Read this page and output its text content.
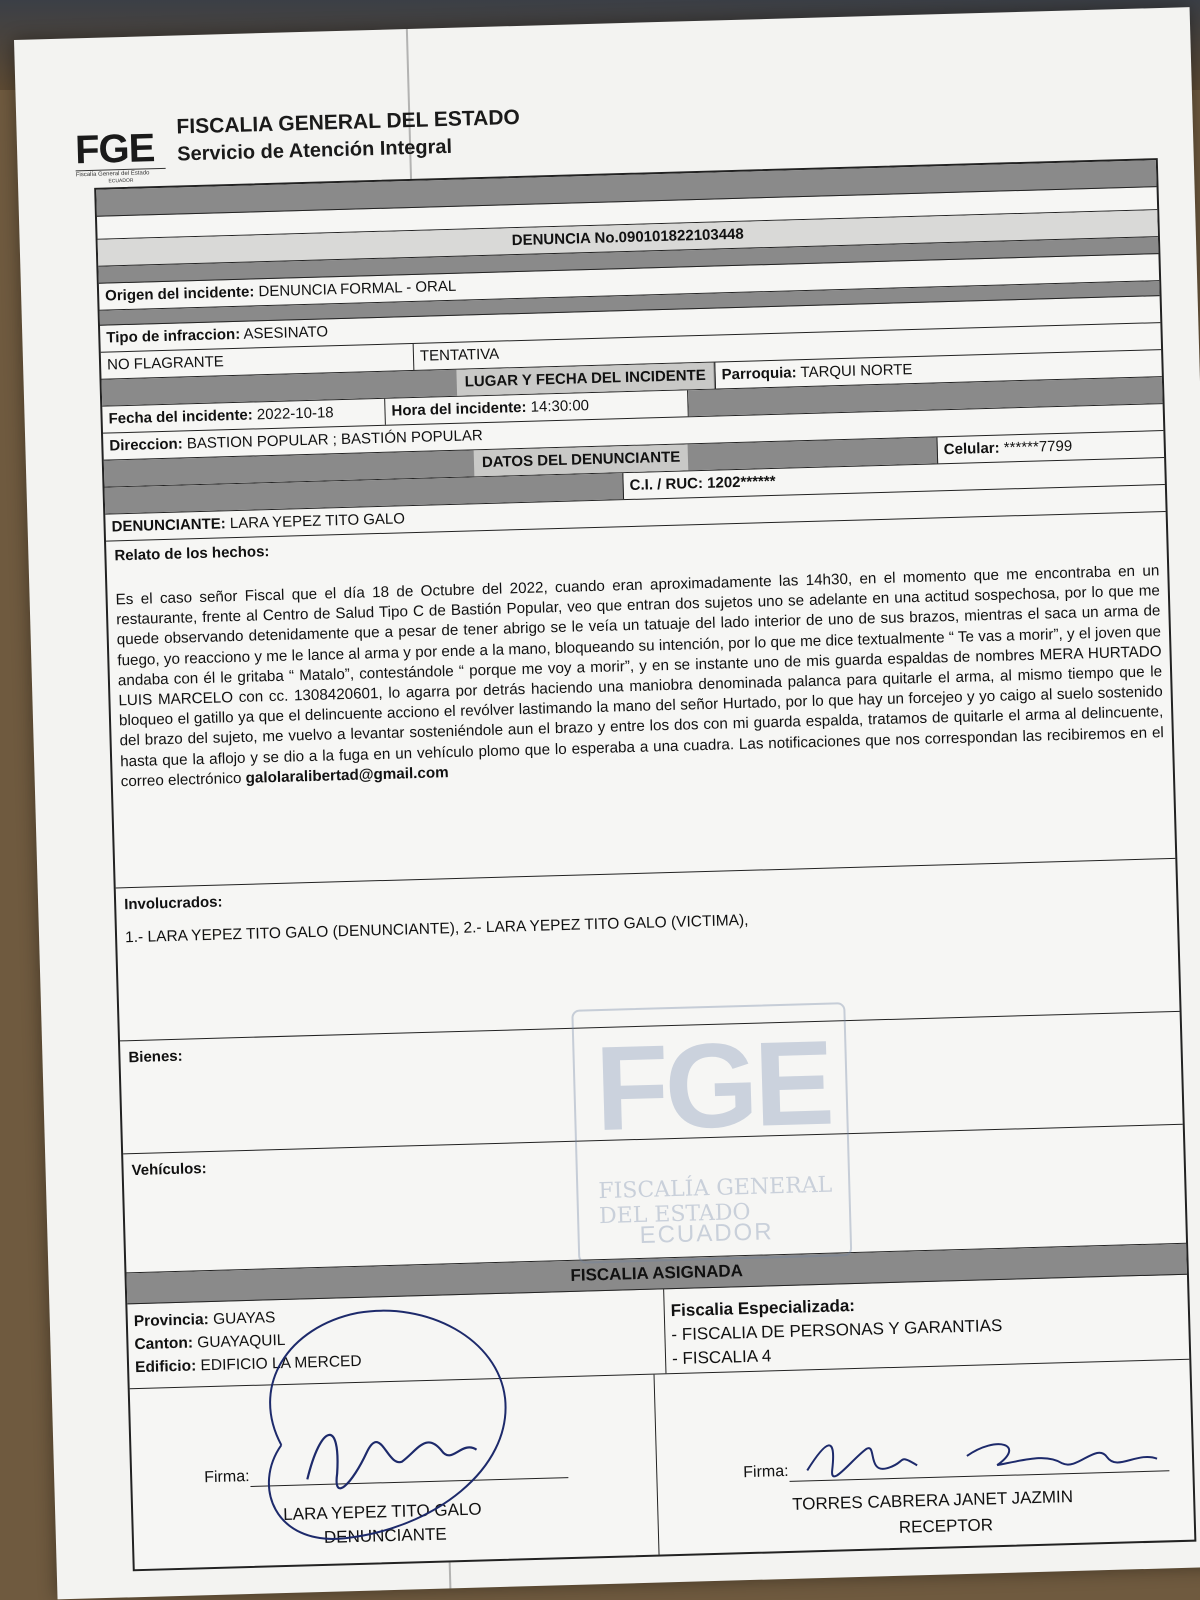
FGE
Fiscalía General del Estado
ECUADOR
FISCALIA GENERAL DEL ESTADO
Servicio de Atención Integral
DENUNCIA No.090101822103448
Origen del incidente: DENUNCIA FORMAL - ORAL
Tipo de infraccion: ASESINATO
NO FLAGRANTE	TENTATIVA
LUGAR Y FECHA DEL INCIDENTE	Parroquia: TARQUI NORTE
Fecha del incidente: 2022-10-18	Hora del incidente: 14:30:00
Direccion: BASTION POPULAR ; BASTIÓN POPULAR
DATOS DEL DENUNCIANTE	Celular: ******7799
C.I. / RUC: 1202******
DENUNCIANTE: LARA YEPEZ TITO GALO
Relato de los hechos:
Es el caso señor Fiscal que el día 18 de Octubre del 2022, cuando eran aproximadamente las 14h30, en el momento que me encontraba en un restaurante, frente al Centro de Salud Tipo C de Bastión Popular, veo que entran dos sujetos uno se adelante en una actitud sospechosa, por lo que me quede observando detenidamente que a pesar de tener abrigo se le veía un tatuaje del lado interior de uno de sus brazos, mientras el saca un arma de fuego, yo reacciono y me le lance al arma y por ende a la mano, bloqueando su intención, por lo que me dice textualmente “ Te vas a morir”, y el joven que andaba con él le gritaba “ Matalo”, contestándole “ porque me voy a morir”, y en se instante uno de mis guarda espaldas de nombres MERA HURTADO LUIS MARCELO con cc. 1308420601, lo agarra por detrás haciendo una maniobra denominada palanca para quitarle el arma, al mismo tiempo que le bloqueo el gatillo ya que el delincuente acciono el revólver lastimando la mano del señor Hurtado, por lo que hay un forcejeo y yo caigo al suelo sostenido del brazo del sujeto, me vuelvo a levantar sosteniéndole aun el brazo y entre los dos con mi guarda espalda, tratamos de quitarle el arma al delincuente, hasta que la aflojo y se dio a la fuga en un vehículo plomo que lo esperaba a una cuadra. Las notificaciones que nos correspondan las recibiremos en el correo electrónico galolaralibertad@gmail.com
Involucrados:
1.- LARA YEPEZ TITO GALO (DENUNCIANTE), 2.- LARA YEPEZ TITO GALO (VICTIMA),
Bienes:
Vehículos:
FISCALIA ASIGNADA
Provincia: GUAYAS
Canton: GUAYAQUIL
Edificio: EDIFICIO LA MERCED
Fiscalia Especializada:
- FISCALIA DE PERSONAS Y GARANTIAS
- FISCALIA 4
Firma:
LARA YEPEZ TITO GALO
DENUNCIANTE
Firma:
TORRES CABRERA JANET JAZMIN
RECEPTOR
FGE
FISCALÍA GENERAL DEL ESTADO
ECUADOR
